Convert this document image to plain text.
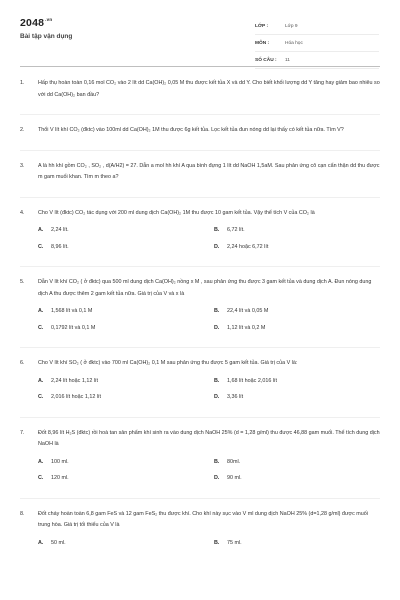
$2048^{.vn}$
Bài tập vận dụng
LỚP :	Lớp 9
MÔN :	Hóa học
SỐ CÂU :	11
1.	Hấp thụ hoàn toàn 0,16 mol CO₂ vào 2 lít dd Ca(OH)₂ 0,05 M thu được kết tủa X và dd Y. Cho biết khối lượng dd Y tăng hay giảm bao nhiêu so với dd Ca(OH)₂ ban đầu?
2.	Thổi V lít khí CO₂ (đktc) vào 100ml dd Ca(OH)₂ 1M thu được 6g kết tủa. Lọc kết tủa đun nóng dd lại thấy có kết tủa nữa. Tìm V?
3.	A là hh khí gồm CO₂ , SO₂ , d(A/H2) = 27. Dẫn a mol hh khí A qua bình đựng 1 lít dd NaOH 1,5aM. Sau phản ứng cô cạn cẩn thận dd thu được m gam muối khan. Tìm m theo a?
4.	Cho V lít (đktc) CO₂ tác dụng với 200 ml dung dịch Ca(OH)₂ 1M thu được 10 gam kết tủa. Vậy thể tích V của CO₂ là
A.	2,24 lít.	B.	6,72 lít.
C.	8,96 lít.	D.	2,24 hoặc 6,72 lít
5.	Dẫn V lít khí CO₂ ( ở đktc) qua 500 ml dung dịch Ca(OH)₂ nồng x M , sau phản ứng thu được 3 gam kết tủa và dung dịch A. Đun nóng dung dịch A thu được thêm 2 gam kết tủa nữa. Giá trị của V và x là
A.	1,568 lít và 0,1 M	B.	22,4 lít và 0,05 M
C.	0,1792 lít và 0,1 M	D.	1,12 lít và 0,2 M
6.	Cho V lít khí SO₂ ( ở đktc) vào 700 ml Ca(OH)₂ 0,1 M sau phản ứng thu được 5 gam kết tủa. Giá trị của V là:
A.	2,24 lít hoặc 1,12 lít	B.	1,68 lít hoặc 2,016 lít
C.	2,016 lít hoặc 1,12 lít	D.	3,36 lít
7.	Đốt 8,96 lít H₂S (đktc) rồi hoà tan sản phẩm khí sinh ra vào dung dịch NaOH 25% (d = 1,28 g/ml) thu được 46,88 gam muối. Thể tích dung dịch NaOH là
A.	100 ml.	B.	80ml.
C.	120 ml.	D.	90 ml.
8.	Đốt cháy hoàn toàn 6,8 gam FeS và 12 gam FeS₂ thu được khí. Cho khí này sục vào V ml dung dịch NaOH 25% (d=1,28 g/ml) được muối trung hòa. Giá trị tối thiểu của V là
A.	50 ml.	B.	75 ml.
